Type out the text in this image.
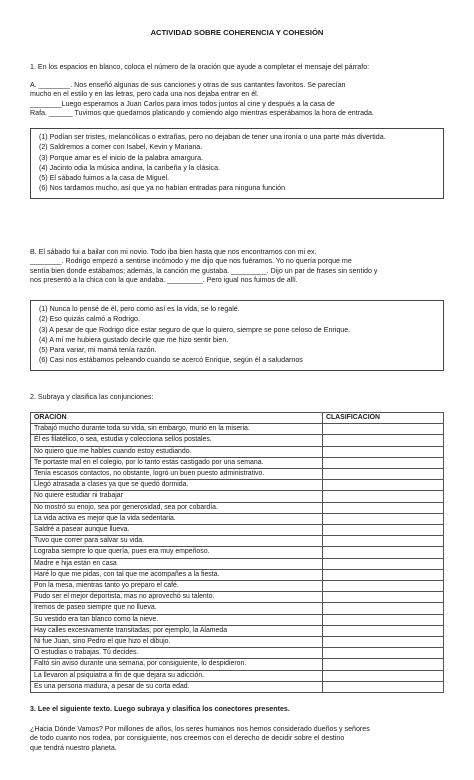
ACTIVIDAD SOBRE COHERENCIA Y COHESIÓN
1. En los espacios en blanco, coloca el número de la oración que ayude a completar el mensaje del párrafo:
A. ________. Nos enseñó algunas de sus canciones y otras de sus cantantes favoritos. Se parecían
mucho en el estilo y en las letras, pero cada una nos dejaba entrar en él.
________Luego esperamos a Juan Carlos para irnos todos juntos al cine y después a la casa de
Rafa. ______ Tuvimos que quedarnos platicando y comiendo algo mientras esperábamos la hora de entrada.
(1) Podían ser tristes, melancólicas o extrañas, pero no dejaban de tener una ironía o una parte más divertida.
(2) Saldremos a comer con Isabel, Kevin y Mariana.
(3) Porque amar es el inicio de la palabra amargura.
(4) Jacinto odia la música andina, la caribeña y la clásica.
(5) El sábado fuimos a la casa de Miguel.
(6) Nos tardamos mucho, así que ya no habían entradas para ninguna función
B. El sábado fui a bailar con mi novio. Todo iba bien hasta que nos encontramos con mi ex.
________. Rodrigo empezó a sentirse incómodo y me dijo que nos fuéramos. Yo no quería porque me
sentía bien donde estábamos; además, la canción me gustaba. _________. Dijo un par de frases sin sentido y
nos presentó a la chica con la que andaba. _________. Pero igual nos fuimos de allí.
(1) Nunca lo pensé de él, pero como así es la vida, se lo regalé.
(2) Eso quizás calmó a Rodrigo.
(3) A pesar de que Rodrigo dice estar seguro de que lo quiero, siempre se pone celoso de Enrique.
(4) A mí me hubiera gustado decirle que me hizo sentir bien.
(5) Para variar, mi mamá tenía razón.
(6) Casi nos estábamos peleando cuando se acercó Enrique, según él a saludarnos
2. Subraya y clasifica las conjunciones:
ORACIÓN	CLASIFICACIÓN
Trabajó mucho durante toda su vida, sin embargo, murió en la miseria.	
Él es filatélico, o sea, estudia y colecciona sellos postales.	
No quiero que me hables cuando estoy estudiando.	
Te portaste mal en el colegio, por lo tanto estás castigado por una semana.	
Tenía escasos contactos, no obstante, logró un buen puesto administrativo.	
Llegó atrasada a clases ya que se quedó dormida.	
No quiere estudiar ni trabajar	
No mostró su enojo, sea por generosidad, sea por cobardía.	
La vida activa es mejor que la vida sedentaria.	
Saldré a pasear aunque llueva.	
Tuvo que correr para salvar su vida.	
Lograba siempre lo que quería, pues era muy empeñoso.	
Madre e hija están en casa	
Haré lo que me pidas, con tal que me acompañes a la fiesta.	
Pon la mesa, mientras tanto yo preparo el café.	
Pudo ser el mejor deportista, mas no aprovechó su talento.	
Iremos de paseo siempre que no llueva.	
Su vestido era tan blanco como la nieve.	
Hay calles excesivamente transitadas, por ejemplo, la Alameda	
Ni fue Juan, sino Pedro el que hizo el dibujo.	
O estudias o trabajas. Tú decides.	
Faltó sin aviso durante una semana, por consiguiente, lo despidieron.	
La llevaron al psiquiatra a fin de que dejara su adicción.	
Es una persona madura, a pesar de su corta edad.	
3. Lee el siguiente texto. Luego subraya y clasifica los conectores presentes.
¿Hacia Dónde Vamos? Por millones de años, los seres humanos nos hemos considerado dueños y señores
de todo cuanto nos rodea, por consiguiente, nos creemos con el derecho de decidir sobre el destino
que tendrá nuestro planeta.
